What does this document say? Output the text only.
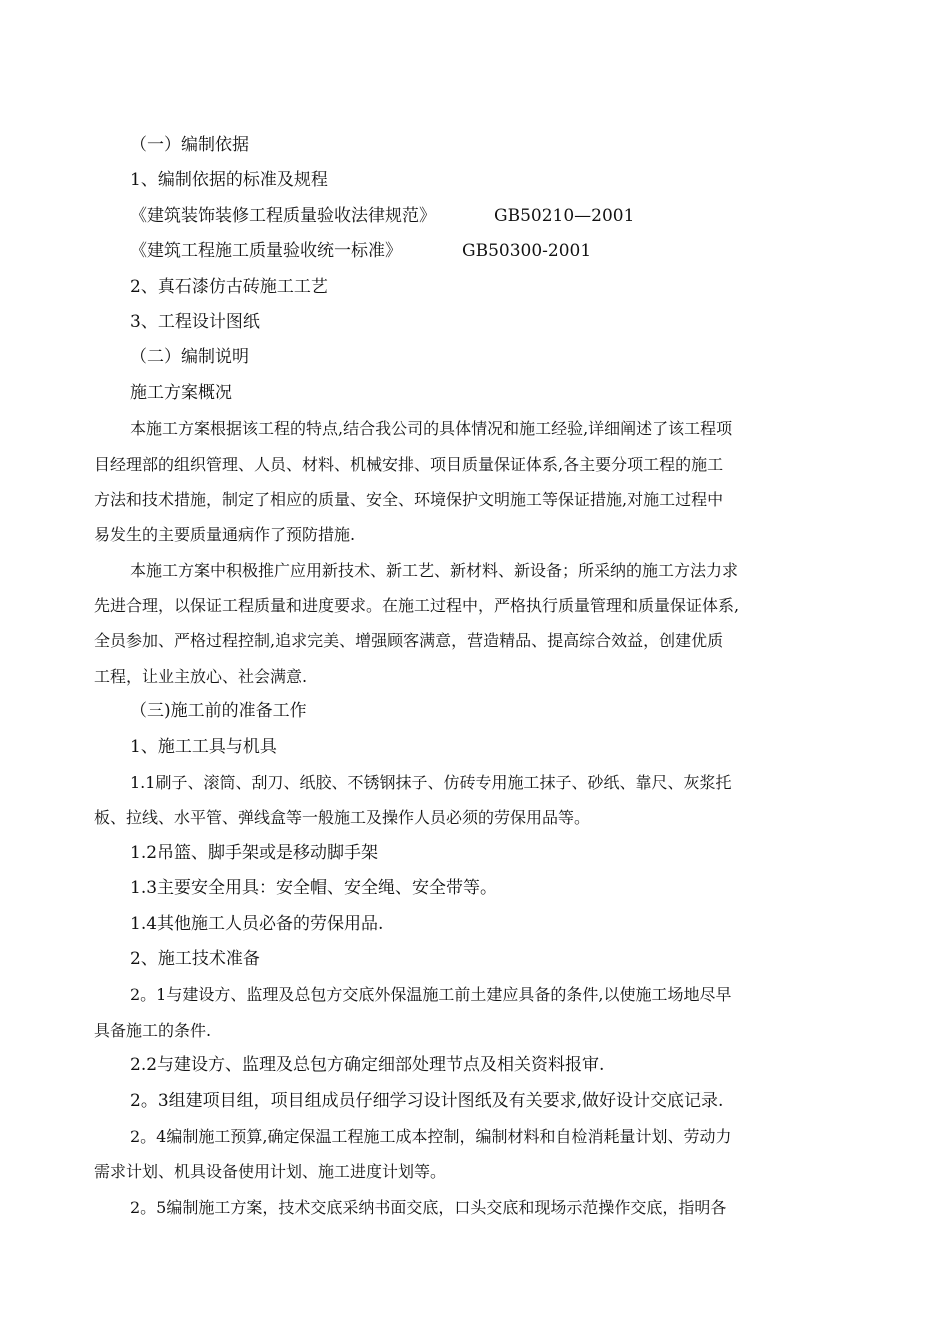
（一）编制依据
1、编制依据的标准及规程
《建筑装饰装修工程质量验收法律规范》	GB50210—2001
《建筑工程施工质量验收统一标准》	GB50300-2001
2、真石漆仿古砖施工工艺
3、工程设计图纸
（二）编制说明
施工方案概况
本施工方案根据该工程的特点,结合我公司的具体情况和施工经验,详细阐述了该工程项
目经理部的组织管理、人员、材料、机械安排、项目质量保证体系,各主要分项工程的施工
方法和技术措施，制定了相应的质量、安全、环境保护文明施工等保证措施,对施工过程中
易发生的主要质量通病作了预防措施.
本施工方案中积极推广应用新技术、新工艺、新材料、新设备；所采纳的施工方法力求
先进合理，以保证工程质量和进度要求。在施工过程中，严格执行质量管理和质量保证体系,
全员参加、严格过程控制,追求完美、增强顾客满意，营造精品、提高综合效益，创建优质
工程，让业主放心、社会满意.
（三)施工前的准备工作
1、施工工具与机具
1.1刷子、滚筒、刮刀、纸胶、不锈钢抹子、仿砖专用施工抹子、砂纸、靠尺、灰浆托
板、拉线、水平管、弹线盒等一般施工及操作人员必须的劳保用品等。
1.2吊篮、脚手架或是移动脚手架
1.3主要安全用具：安全帽、安全绳、安全带等。
1.4其他施工人员必备的劳保用品.
2、施工技术准备
2。1与建设方、监理及总包方交底外保温施工前土建应具备的条件,以使施工场地尽早
具备施工的条件.
2.2与建设方、监理及总包方确定细部处理节点及相关资料报审.
2。3组建项目组，项目组成员仔细学习设计图纸及有关要求,做好设计交底记录.
2。4编制施工预算,确定保温工程施工成本控制，编制材料和自检消耗量计划、劳动力
需求计划、机具设备使用计划、施工进度计划等。
2。5编制施工方案，技术交底采纳书面交底，口头交底和现场示范操作交底，指明各
